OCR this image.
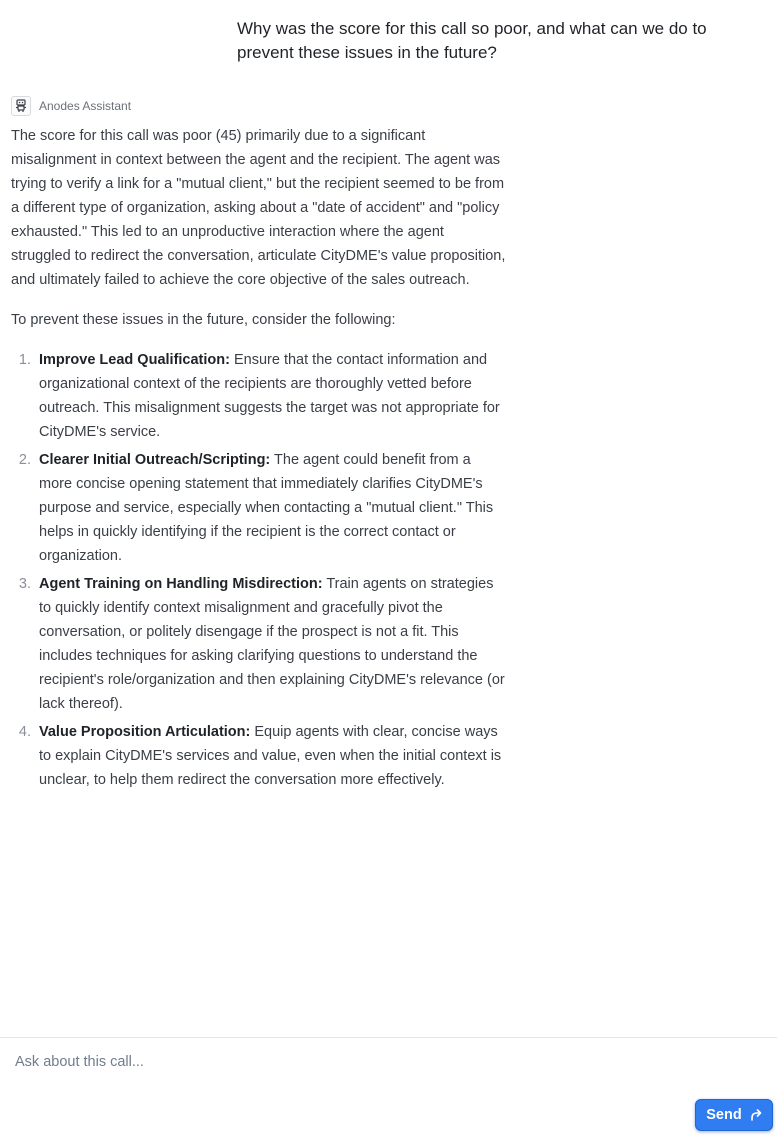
Why was the score for this call so poor, and what can we do to prevent these issues in the future?
Anodes Assistant

The score for this call was poor (45) primarily due to a significant misalignment in context between the agent and the recipient. The agent was trying to verify a link for a "mutual client," but the recipient seemed to be from a different type of organization, asking about a "date of accident" and "policy exhausted." This led to an unproductive interaction where the agent struggled to redirect the conversation, articulate CityDME's value proposition, and ultimately failed to achieve the core objective of the sales outreach.

To prevent these issues in the future, consider the following:

1. Improve Lead Qualification: Ensure that the contact information and organizational context of the recipients are thoroughly vetted before outreach. This misalignment suggests the target was not appropriate for CityDME's service.
2. Clearer Initial Outreach/Scripting: The agent could benefit from a more concise opening statement that immediately clarifies CityDME's purpose and service, especially when contacting a "mutual client." This helps in quickly identifying if the recipient is the correct contact or organization.
3. Agent Training on Handling Misdirection: Train agents on strategies to quickly identify context misalignment and gracefully pivot the conversation, or politely disengage if the prospect is not a fit. This includes techniques for asking clarifying questions to understand the recipient's role/organization and then explaining CityDME's relevance (or lack thereof).
4. Value Proposition Articulation: Equip agents with clear, concise ways to explain CityDME's services and value, even when the initial context is unclear, to help them redirect the conversation more effectively.
Ask about this call...
Send
